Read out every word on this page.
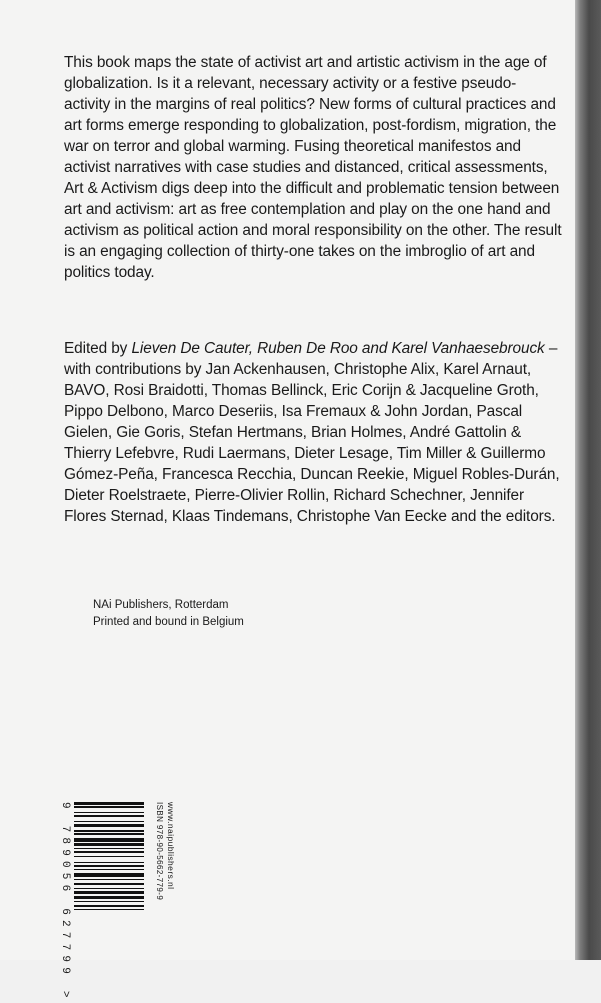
This book maps the state of activist art and artistic activism in the age of globalization. Is it a relevant, necessary activity or a festive pseudo-activity in the margins of real politics? New forms of cultural practices and art forms emerge responding to globalization, post-fordism, migration, the war on terror and global warming. Fusing theoretical manifestos and activist narratives with case studies and distanced, critical assessments, Art & Activism digs deep into the difficult and problematic tension between art and activism: art as free contemplation and play on the one hand and activism as political action and moral responsibility on the other. The result is an engaging collection of thirty-one takes on the imbroglio of art and politics today.

Edited by Lieven De Cauter, Ruben De Roo and Karel Vanhaesebrouck – with contributions by Jan Ackenhausen, Christophe Alix, Karel Arnaut, BAVO, Rosi Braidotti, Thomas Bellinck, Eric Corijn & Jacqueline Groth, Pippo Delbono, Marco Deseriis, Isa Fremaux & John Jordan, Pascal Gielen, Gie Goris, Stefan Hertmans, Brian Holmes, André Gattolin & Thierry Lefebvre, Rudi Laermans, Dieter Lesage, Tim Miller & Guillermo Gómez-Peña, Francesca Recchia, Duncan Reekie, Miguel Robles-Durán, Dieter Roelstraete, Pierre-Olivier Rollin, Richard Schechner, Jennifer Flores Sternad, Klaas Tindemans, Christophe Van Eecke and the editors.

NAi Publishers, Rotterdam
Printed and bound in Belgium

9 789056 627799 >	ISBN 978-90-5662-779-9 www.naipublishers.nl
